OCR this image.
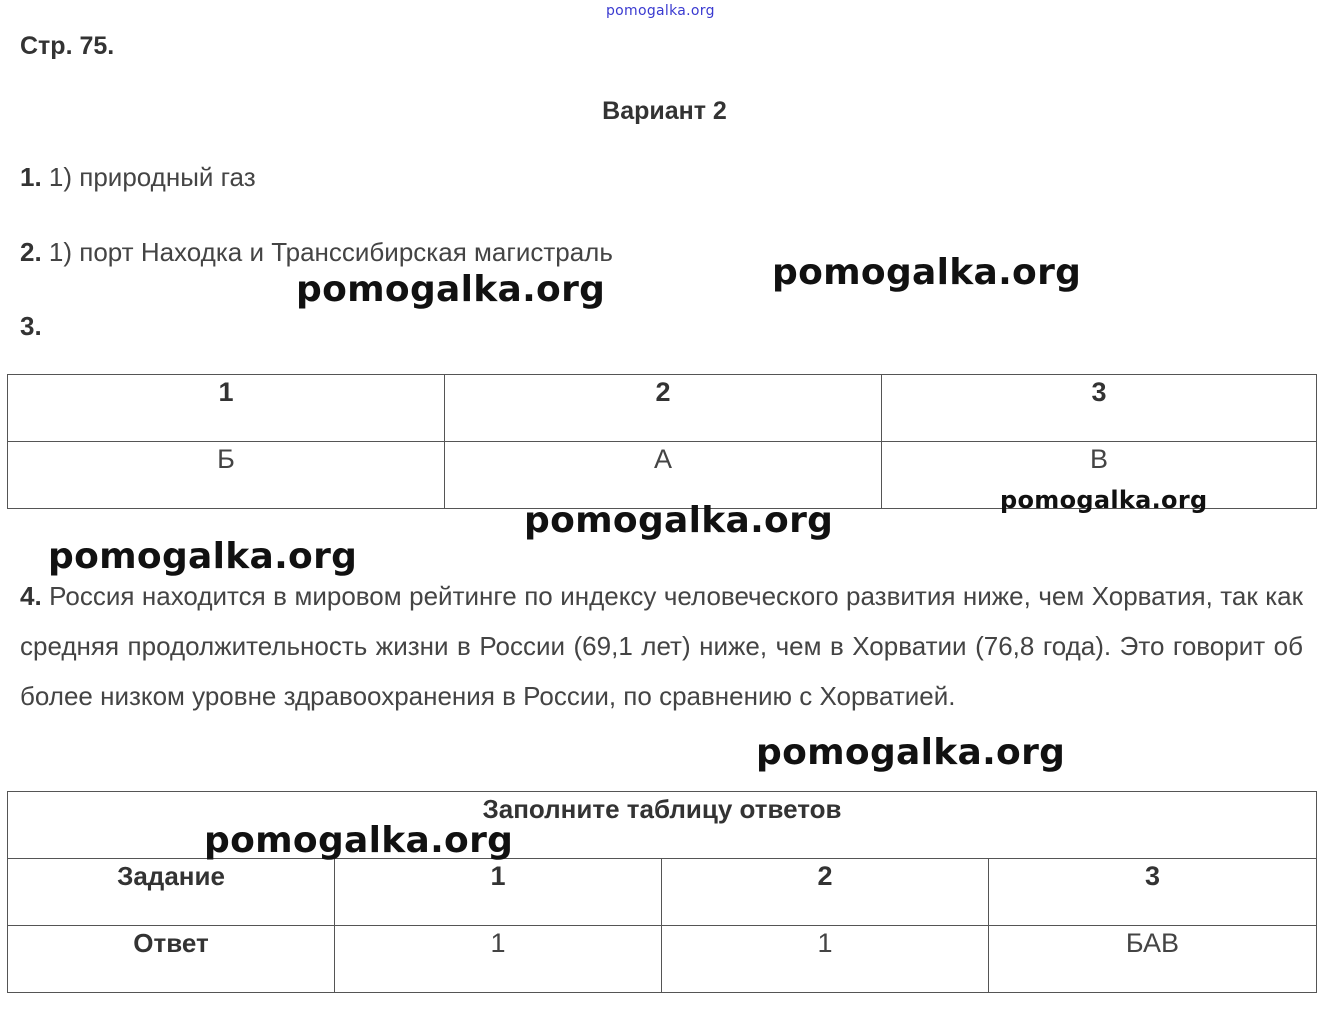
pomogalka.org
Стр. 75.
Вариант 2
1. 1) природный газ
2. 1) порт Находка и Транссибирская магистраль
3.
1	2	3
Б	А	В
4. Россия находится в мировом рейтинге по индексу человеческого развития ниже, чем Хорватия, так как средняя продолжительность жизни в России (69,1 лет) ниже, чем в Хорватии (76,8 года). Это говорит об более низком уровне здравоохранения в России, по сравнению с Хорватией.
Заполните таблицу ответов			
Задание	1	2	3
Ответ	1	1	БАВ
pomogalka.org
pomogalka.org
pomogalka.org
pomogalka.org
pomogalka.org
pomogalka.org
pomogalka.org
